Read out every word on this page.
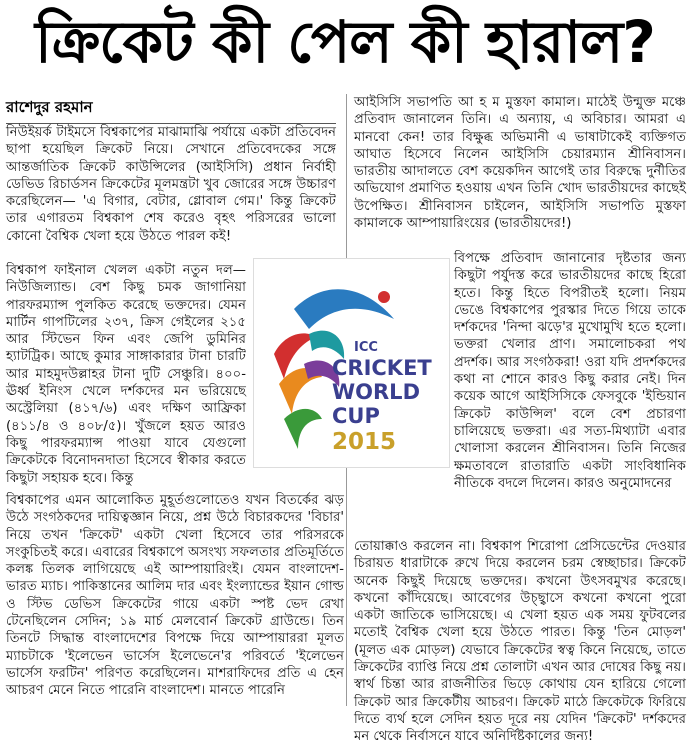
ক্রিকেট কী পেল কী হারাল?
রাশেদুর রহমান

নিউইয়র্ক টাইমসে বিশ্বকাপের মাঝামাঝি পর্যায়ে একটা প্রতিবেদন ছাপা হয়েছিল ক্রিকেট নিয়ে। সেখানে প্রতিবেদকের সঙ্গে আন্তর্জাতিক ক্রিকেট কাউন্সিলের (আইসিসি) প্রধান নির্বাহী ডেভিড রিচার্ডসন ক্রিকেটের মূলমন্ত্রটা খুব জোরের সঙ্গে উচ্চারণ করেছিলেন— 'এ বিগার, বেটার, গ্লোবাল গেম।' কিন্তু ক্রিকেট তার এগারতম বিশ্বকাপ শেষ করেও বৃহৎ পরিসরের ভালো কোনো বৈশ্বিক খেলা হয়ে উঠতে পারল কই!

বিশ্বকাপ ফাইনাল খেলল একটা নতুন দল— নিউজিল্যান্ড। বেশ কিছু চমক জাগানিয়া পারফরম্যান্স পুলকিত করেছে ভক্তদের। যেমন মার্টিন গাপটিলের ২৩৭, ক্রিস গেইলের ২১৫ আর স্টিভেন ফিন এবং জেপি ডুমিনির হ্যাটট্রিক। আছে কুমার সাঙ্গাকারার টানা চারটি আর মাহমুদউল্লাহর টানা দুটি সেঞ্চুরি। ৪০০-ঊর্ধ্ব ইনিংস খেলে দর্শকদের মন ভরিয়েছে অস্ট্রেলিয়া (৪১৭/৬) এবং দক্ষিণ আফ্রিকা (৪১১/৪ ও ৪০৮/৫)। খুঁজলে হয়ত আরও কিছু পারফরম্যান্স পাওয়া যাবে যেগুলো ক্রিকেটকে বিনোদনদাতা হিসেবে স্বীকার করতে কিছুটা সহায়ক হবে। কিন্তু

বিশ্বকাপের এমন আলোকিত মুহূর্তগুলোতেও যখন বিতর্কের ঝড় উঠে সংগঠকদের দায়িত্বজ্ঞান নিয়ে, প্রশ্ন উঠে বিচারকদের 'বিচার' নিয়ে তখন 'ক্রিকেট' একটা খেলা হিসেবে তার পরিসরকে সংকুচিতই করে। এবারের বিশ্বকাপে অসংখ্য সফলতার প্রতিমূর্তিতে কলঙ্ক তিলক লাগিয়েছে এই আম্পায়ারিংই। যেমন বাংলাদেশ-ভারত ম্যাচ। পাকিস্তানের আলিম দার এবং ইংল্যান্ডের ইয়ান গোল্ড ও স্টিভ ডেভিস ক্রিকেটের গায়ে একটা স্পষ্ট ভেদ রেখা টেনেছিলেন সেদিন; ১৯ মার্চ মেলবোর্ন ক্রিকেট গ্রাউন্ডে। তিন তিনটে সিদ্ধান্ত বাংলাদেশের বিপক্ষে দিয়ে আম্পায়াররা মূলত ম্যাচটাকে 'ইলেভেন ভার্সেস ইলেভেনে'র পরিবর্তে 'ইলেভেন ভার্সেস ফরটিন' পরিণত করেছিলেন। মাশরাফিদের প্রতি এ হেন আচরণ মেনে নিতে পারেনি বাংলাদেশ। মানতে পারেনি

আইসিসি সভাপতি আ হ ম মুস্তফা কামাল। মাঠেই উন্মুক্ত মঞ্চে প্রতিবাদ জানালেন তিনি। এ অন্যায়, এ অবিচার। আমরা এ মানবো কেন! তার বিক্ষুব্ধ অভিমানী এ ভাষাটাকেই ব্যক্তিগত আঘাত হিসেবে নিলেন আইসিসি চেয়ারম্যান শ্রীনিবাসন। ভারতীয় আদালতে বেশ কয়েকদিন আগেই তার বিরুদ্ধে দুর্নীতির অভিযোগ প্রমাণিত হওয়ায় এখন তিনি খোদ ভারতীয়দের কাছেই উপেক্ষিত। শ্রীনিবাসন চাইলেন, আইসিসি সভাপতি মুস্তফা কামালকে আম্পায়ারিংয়ের (ভারতীয়দের!)

বিপক্ষে প্রতিবাদ জানানোর দৃষ্টতার জন্য কিছুটা পর্যুদস্ত করে ভারতীয়দের কাছে হিরো হতে। কিন্তু হিতে বিপরীতই হলো। নিয়ম ভেঙে বিশ্বকাপের পুরস্কার দিতে গিয়ে তাকে দর্শকদের 'নিন্দা ঝড়ে'র মুখোমুখি হতে হলো। ভক্তরা খেলার প্রাণ। সমালোচকরা পথ প্রদর্শক। আর সংগঠকরা! ওরা যদি প্রদর্শকদের কথা না শোনে কারও কিছু করার নেই। দিন কয়েক আগে আইসিসিকে ফেসবুকে 'ইন্ডিয়ান ক্রিকেট কাউন্সিল' বলে বেশ প্রচারণা চালিয়েছে ভক্তরা। এর সত্য-মিথ্যাটা এবার খোলাসা করলেন শ্রীনিবাসন। তিনি নিজের ক্ষমতাবলে রাতারাতি একটা সাংবিধানিক নীতিকে বদলে দিলেন। কারও অনুমোদনের

তোয়াক্কাও করলেন না। বিশ্বকাপ শিরোপা প্রেসিডেন্টের দেওয়ার চিরায়ত ধারাটাকে রুখে দিয়ে করলেন চরম স্বেচ্ছাচার। ক্রিকেট অনেক কিছুই দিয়েছে ভক্তদের। কখনো উৎসবমুখর করেছে। কখনো কাঁদিয়েছে। আবেগের উচ্ছ্বাসে কখনো কখনো পুরো একটা জাতিকে ভাসিয়েছে। এ খেলা হয়ত এক সময় ফুটবলের মতোই বৈশ্বিক খেলা হয়ে উঠতে পারত। কিন্তু 'তিন মোড়ল' (মূলত এক মোড়ল) যেভাবে ক্রিকেটের স্বত্ব কিনে নিয়েছে, তাতে ক্রিকেটের ব্যাপ্তি নিয়ে প্রশ্ন তোলাটা এখন আর দোষের কিছু নয়। স্বার্থ চিন্তা আর রাজনীতির ভিড়ে কোথায় যেন হারিয়ে গেলো ক্রিকেট আর ক্রিকেটীয় আচরণ। ক্রিকেট মাঠে ক্রিকেটকে ফিরিয়ে দিতে ব্যর্থ হলে সেদিন হয়ত দূরে নয় যেদিন 'ক্রিকেট' দর্শকদের মন থেকে নির্বাসনে যাবে অনির্দিষ্টকালের জন্য!

ICC
CRICKET
WORLD
CUP
2015
